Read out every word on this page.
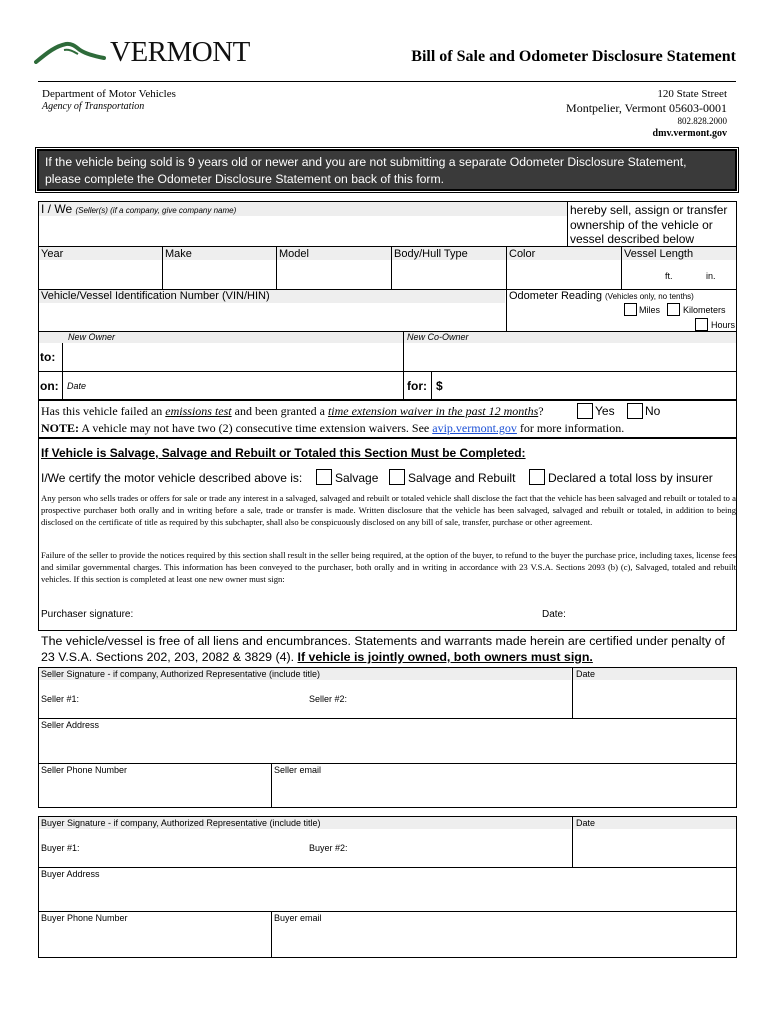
VERMONT	Bill of Sale and Odometer Disclosure Statement
Department of Motor Vehicles
Agency of Transportation
120 State Street
Montpelier, Vermont 05603-0001
802.828.2000
dmv.vermont.gov
If the vehicle being sold is 9 years old or newer and you are not submitting a separate Odometer Disclosure Statement,
please complete the Odometer Disclosure Statement on back of this form.
I / We (Seller(s) (if a company, give company name)	hereby sell, assign or transfer
ownership of the vehicle or
vessel described below
Year	Make	Model	Body/Hull Type	Color	Vessel Length
ft.	in.
Vehicle/Vessel Identification Number (VIN/HIN)	Odometer Reading (Vehicles only, no tenths)
Miles	Kilometers
Hours
New Owner	New Co-Owner
to:
on: Date	for: $
Has this vehicle failed an emissions test and been granted a time extension waiver in the past 12 months?	Yes	No
NOTE: A vehicle may not have two (2) consecutive time extension waivers. See avip.vermont.gov for more information.
If Vehicle is Salvage, Salvage and Rebuilt or Totaled this Section Must be Completed:
I/We certify the motor vehicle described above is:	Salvage Salvage and Rebuilt	Declared a total loss by insurer
Any person who sells trades or offers for sale or trade any interest in a salvaged, salvaged and rebuilt or totaled vehicle shall disclose the fact that the vehicle has been salvaged and rebuilt or totaled to a prospective purchaser both orally and in writing before a sale, trade or transfer is made. Written disclosure that the vehicle has been salvaged, salvaged and rebuilt or totaled, in addition to being disclosed on the certificate of title as required by this subchapter, shall also be conspicuously disclosed on any bill of sale, transfer, purchase or other agreement.
Failure of the seller to provide the notices required by this section shall result in the seller being required, at the option of the buyer, to refund to the buyer the purchase price, including taxes, license fees and similar governmental charges. This information has been conveyed to the purchaser, both orally and in writing in accordance with 23 V.S.A. Sections 2093 (b) (c), Salvaged, totaled and rebuilt vehicles. If this section is completed at least one new owner must sign:
Purchaser signature:	Date:
The vehicle/vessel is free of all liens and encumbrances. Statements and warrants made herein are certified under penalty of 23 V.S.A. Sections 202, 203, 2082 & 3829 (4). If vehicle is jointly owned, both owners must sign.
Seller Signature - if company, Authorized Representative (include title)	Date
Seller #1:	Seller #2:
Seller Address
Seller Phone Number	Seller email
Buyer Signature - if company, Authorized Representative (include title)	Date
Buyer #1:	Buyer #2:
Buyer Address
Buyer Phone Number	Buyer email
